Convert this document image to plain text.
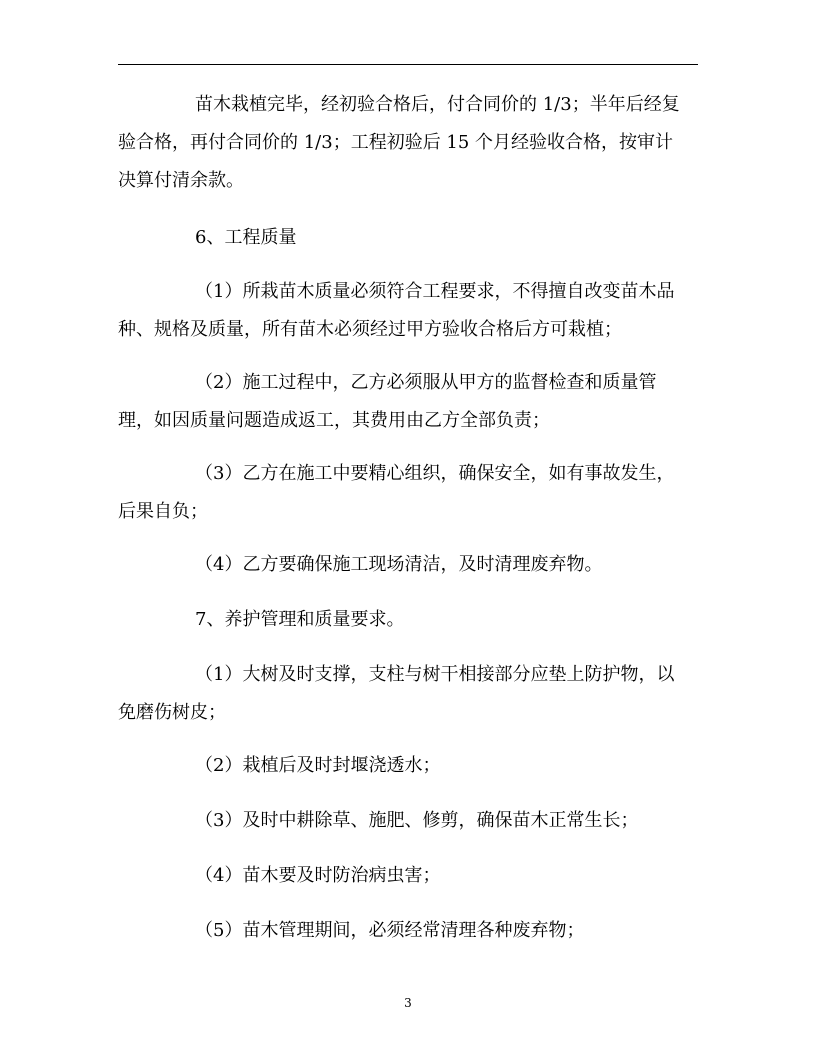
苗木栽植完毕，经初验合格后，付合同价的 1/3；半年后经复
验合格，再付合同价的 1/3；工程初验后 15 个月经验收合格，按审计
决算付清余款。
6、工程质量
（1）所栽苗木质量必须符合工程要求，不得擅自改变苗木品
种、规格及质量，所有苗木必须经过甲方验收合格后方可栽植；
（2）施工过程中，乙方必须服从甲方的监督检查和质量管
理，如因质量问题造成返工，其费用由乙方全部负责；
（3）乙方在施工中要精心组织，确保安全，如有事故发生，
后果自负；
（4）乙方要确保施工现场清洁，及时清理废弃物。
7、养护管理和质量要求。
（1）大树及时支撑，支柱与树干相接部分应垫上防护物，以
免磨伤树皮；
（2）栽植后及时封堰浇透水；
（3）及时中耕除草、施肥、修剪，确保苗木正常生长；
（4）苗木要及时防治病虫害；
（5）苗木管理期间，必须经常清理各种废弃物；
3
